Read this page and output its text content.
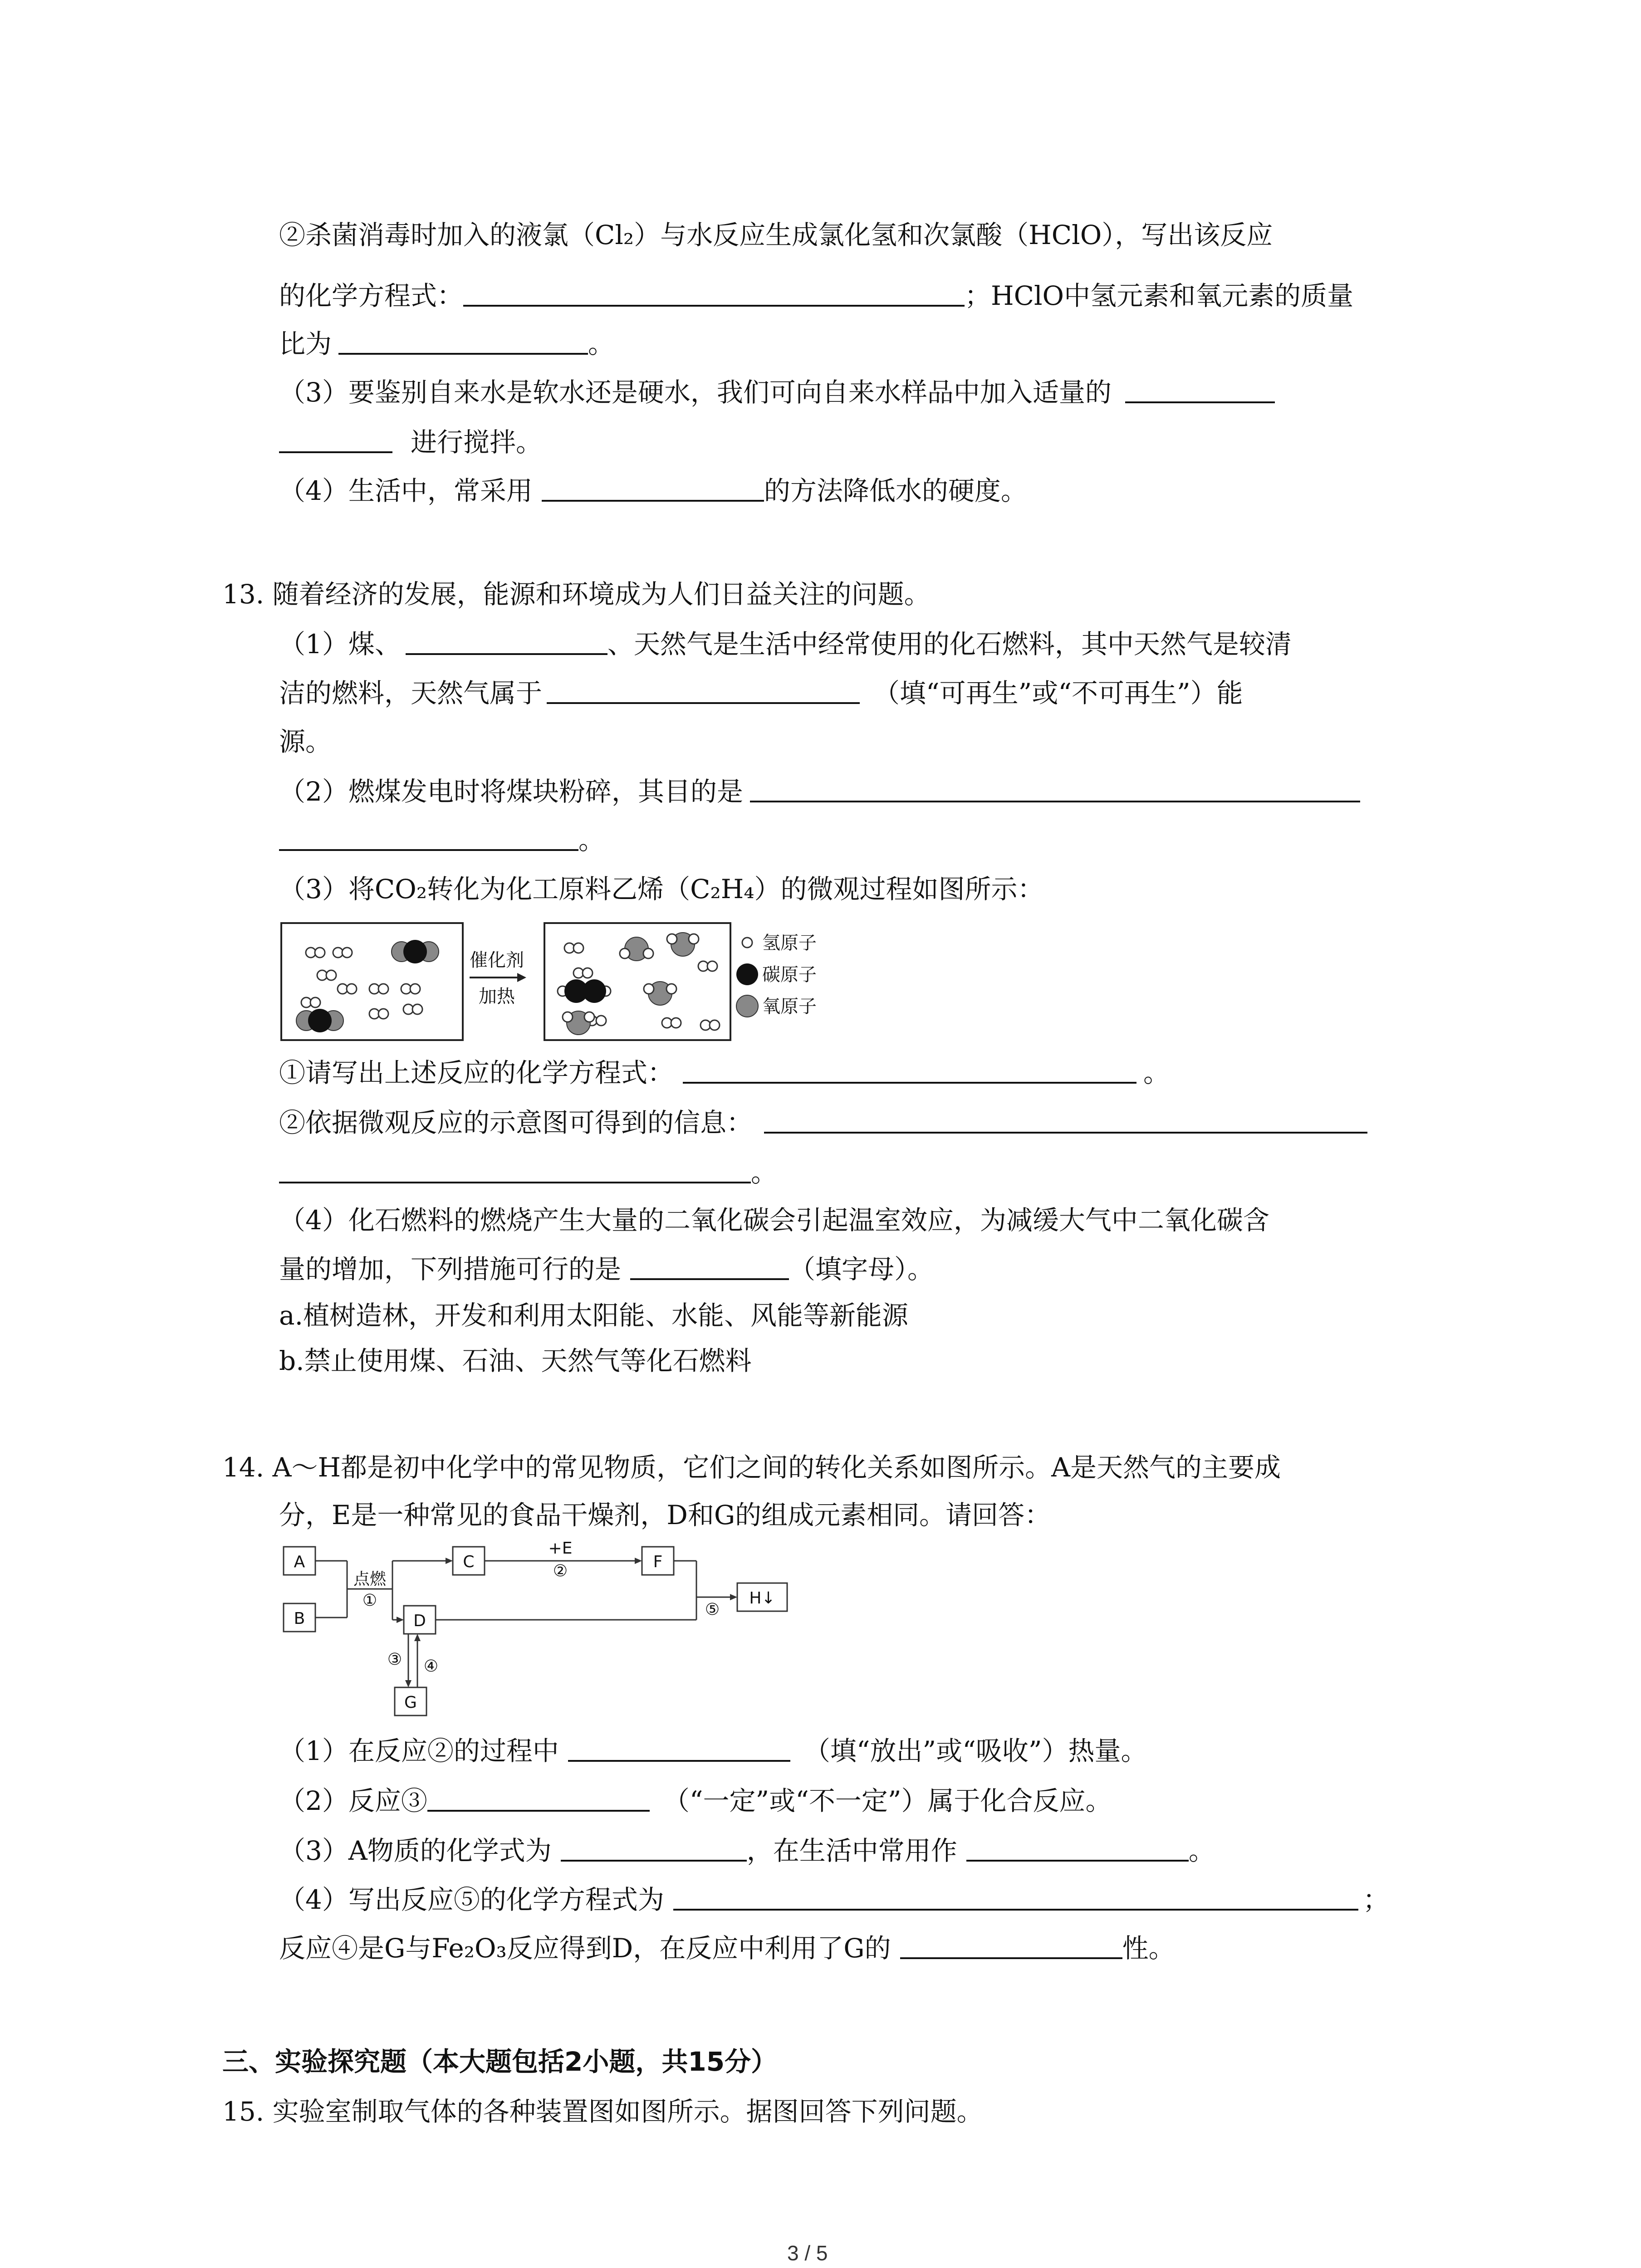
②杀菌消毒时加入的液氯（Cl₂）与水反应生成氯化氢和次氯酸（HClO），写出该反应
的化学方程式：	；HClO中氢元素和氧元素的质量
比为	。
（3）要鉴别自来水是软水还是硬水，我们可向自来水样品中加入适量的
进行搅拌。
（4）生活中，常采用	的方法降低水的硬度。
13. 随着经济的发展，能源和环境成为人们日益关注的问题。
（1）煤、	、天然气是生活中经常使用的化石燃料，其中天然气是较清
洁的燃料，天然气属于	（填“可再生”或“不可再生”）能
源。
（2）燃煤发电时将煤块粉碎，其目的是
。
（3）将CO₂转化为化工原料乙烯（C₂H₄）的微观过程如图所示：
催化剂
加热
氢原子
碳原子
氧原子
①请写出上述反应的化学方程式：	。
②依据微观反应的示意图可得到的信息：
。
（4）化石燃料的燃烧产生大量的二氧化碳会引起温室效应，为减缓大气中二氧化碳含
量的增加，下列措施可行的是	（填字母）。
a.植树造林，开发和利用太阳能、水能、风能等新能源
b.禁止使用煤、石油、天然气等化石燃料
14. A～H都是初中化学中的常见物质，它们之间的转化关系如图所示。A是天然气的主要成
分，E是一种常见的食品干燥剂，D和G的组成元素相同。请回答：
A
B
C
D
F
G
H↓
点燃
①
+E
②
③ ④
⑤
（1）在反应②的过程中	（填“放出”或“吸收”）热量。
（2）反应③	（“一定”或“不一定”）属于化合反应。
（3）A物质的化学式为	，在生活中常用作	。
（4）写出反应⑤的化学方程式为	；
反应④是G与Fe₂O₃反应得到D，在反应中利用了G的	性。
三、实验探究题（本大题包括2小题，共15分）
15. 实验室制取气体的各种装置图如图所示。据图回答下列问题。
3 / 5
